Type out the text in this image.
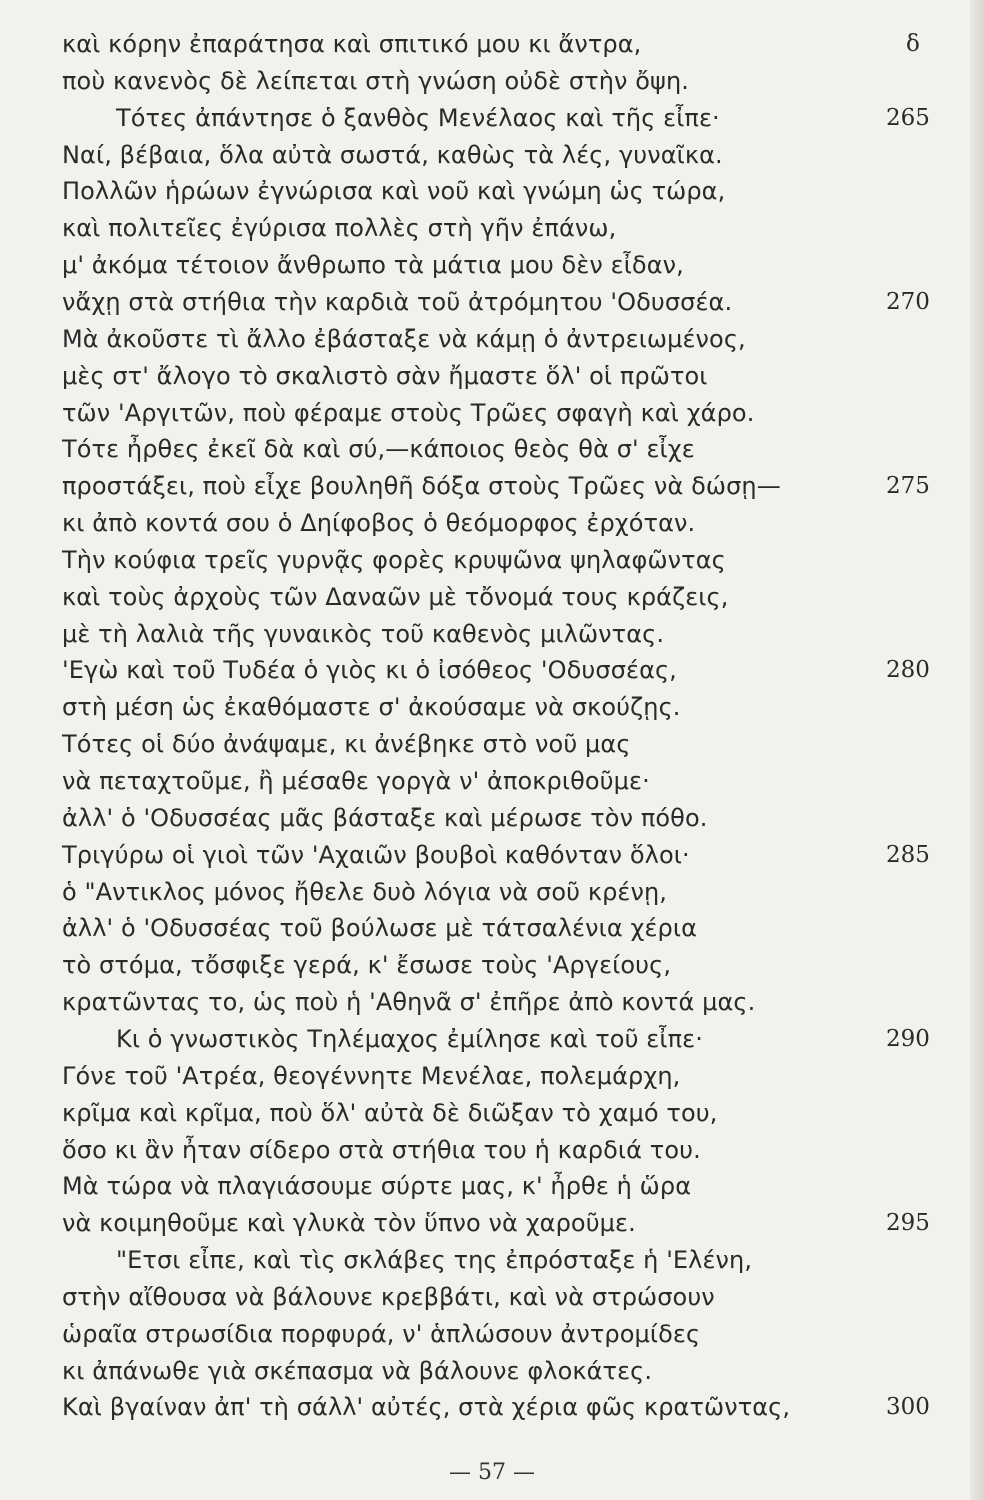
καὶ κόρην ἐπαράτησα καὶ σπιτικό μου κι ἄντρα,	δ
ποὺ κανενὸς δὲ λείπεται στὴ γνώση οὐδὲ στὴν ὄψη.
Τότες ἀπάντησε ὁ ξανθὸς Μενέλαος καὶ τῆς εἶπε·	265
Ναί, βέβαια, ὅλα αὐτὰ σωστά, καθὼς τὰ λές, γυναῖκα.
Πολλῶν ἡρώων ἐγνώρισα καὶ νοῦ καὶ γνώμη ὡς τώρα,
καὶ πολιτεῖες ἐγύρισα πολλὲς στὴ γῆν ἐπάνω,
μ' ἀκόμα τέτοιον ἄνθρωπο τὰ μάτια μου δὲν εἶδαν,
νἄχῃ στὰ στήθια τὴν καρδιὰ τοῦ ἀτρόμητου 'Οδυσσέα.	270
Μὰ ἀκοῦστε τὶ ἄλλο ἐβάσταξε νὰ κάμῃ ὁ ἀντρειωμένος,
μὲς στ' ἄλογο τὸ σκαλιστὸ σὰν ἤμαστε ὅλ' οἱ πρῶτοι
τῶν 'Αργιτῶν, ποὺ φέραμε στοὺς Τρῶες σφαγὴ καὶ χάρο.
Τότε ἦρθες ἐκεῖ δὰ καὶ σύ,—κάποιος θεὸς θὰ σ' εἶχε
προστάξει, ποὺ εἶχε βουληθῆ δόξα στοὺς Τρῶες νὰ δώσῃ—	275
κι ἀπὸ κοντά σου ὁ Δηίφοβος ὁ θεόμορφος ἐρχόταν.
Τὴν κούφια τρεῖς γυρνᾷς φορὲς κρυψῶνα ψηλαφῶντας
καὶ τοὺς ἀρχοὺς τῶν Δαναῶν μὲ τὄνομά τους κράζεις,
μὲ τὴ λαλιὰ τῆς γυναικὸς τοῦ καθενὸς μιλῶντας.
'Εγὼ καὶ τοῦ Τυδέα ὁ γιὸς κι ὁ ἰσόθεος 'Οδυσσέας,	280
στὴ μέση ὡς ἐκαθόμαστε σ' ἀκούσαμε νὰ σκούζῃς.
Τότες οἱ δύο ἀνάψαμε, κι ἀνέβηκε στὸ νοῦ μας
νὰ πεταχτοῦμε, ἢ μέσαθε γοργὰ ν' ἀποκριθοῦμε·
ἀλλ' ὁ 'Οδυσσέας μᾶς βάσταξε καὶ μέρωσε τὸν πόθο.
Τριγύρω οἱ γιοὶ τῶν 'Αχαιῶν βουβοὶ καθόνταν ὅλοι·	285
ὁ "Αντικλος μόνος ἤθελε δυὸ λόγια νὰ σοῦ κρένῃ,
ἀλλ' ὁ 'Οδυσσέας τοῦ βούλωσε μὲ τάτσαλένια χέρια
τὸ στόμα, τὄσφιξε γερά, κ' ἔσωσε τοὺς 'Αργείους,
κρατῶντας το, ὡς ποὺ ἡ 'Αθηνᾶ σ' ἐπῆρε ἀπὸ κοντά μας.
Κι ὁ γνωστικὸς Τηλέμαχος ἐμίλησε καὶ τοῦ εἶπε·	290
Γόνε τοῦ 'Ατρέα, θεογέννητε Μενέλαε, πολεμάρχη,
κρῖμα καὶ κρῖμα, ποὺ ὅλ' αὐτὰ δὲ διῶξαν τὸ χαμό του,
ὅσο κι ἂν ἦταν σίδερο στὰ στήθια του ἡ καρδιά του.
Μὰ τώρα νὰ πλαγιάσουμε σύρτε μας, κ' ἦρθε ἡ ὥρα
νὰ κοιμηθοῦμε καὶ γλυκὰ τὸν ὕπνο νὰ χαροῦμε.	295
"Ετσι εἶπε, καὶ τὶς σκλάβες της ἐπρόσταξε ἡ 'Ελένη,
στὴν αἴθουσα νὰ βάλουνε κρεββάτι, καὶ νὰ στρώσουν
ὡραῖα στρωσίδια πορφυρά, ν' ἁπλώσουν ἀντρομίδες
κι ἀπάνωθε γιὰ σκέπασμα νὰ βάλουνε φλοκάτες.
Καὶ βγαίναν ἀπ' τὴ σάλλ' αὐτές, στὰ χέρια φῶς κρατῶντας,	300
— 57 —
